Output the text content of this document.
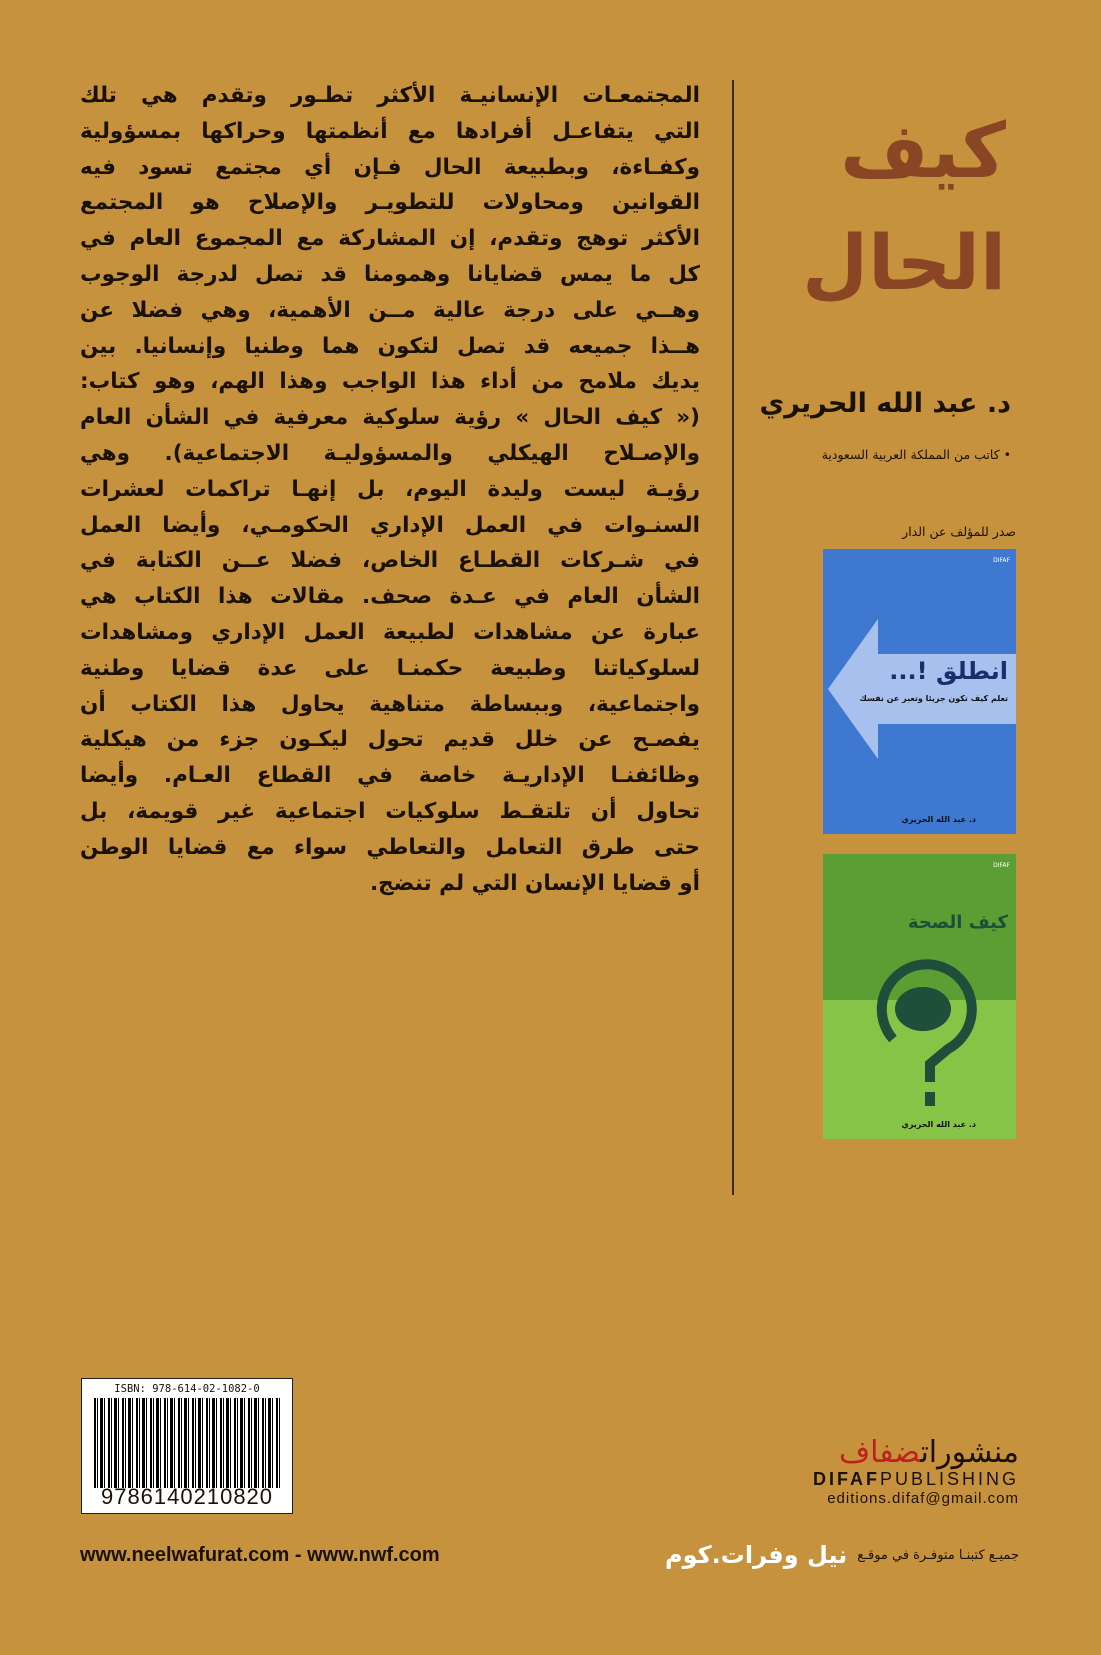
المجتمعـات الإنسانيـة الأكثر تطـور وتقدم هي تلك
التي يتفاعـل أفرادها مع أنظمتها وحراكها بمسؤولية
وكفـاءة، وبطبيعة الحال فـإن أي مجتمع تسود فيه
القوانين ومحاولات للتطويـر والإصلاح هو المجتمع
الأكثر توهج وتقدم، إن المشاركة مع المجموع العام في
كل ما يمس قضايانا وهمومنا قد تصل لدرجة الوجوب
وهــي على درجة عالية مــن الأهمية، وهي فضلا عن
هــذا جميعه قد تصل لتكون هما وطنيا وإنسانيا. بين
يديك ملامح من أداء هذا الواجب وهذا الهم، وهو كتاب:
(« كيف الحال » رؤية سلوكية معرفية في الشأن العام
والإصـلاح الهيكلي والمسؤوليـة الاجتماعية). وهي
رؤيـة ليست وليدة اليوم، بل إنهـا تراكمات لعشرات
السنـوات في العمل الإداري الحكومـي، وأيضا العمل
في شـركات القطـاع الخاص، فضلا عــن الكتابة في
الشأن العام في عـدة صحف. مقالات هذا الكتاب هي
عبارة عن مشاهدات لطبيعة العمل الإداري ومشاهدات
لسلوكياتنا وطبيعة حكمنـا على عدة قضايا وطنية
واجتماعية، وببساطة متناهية يحاول هذا الكتاب أن
يفصـح عن خلل قديم تحول ليكـون جزء من هيكلية
وظائفنـا الإداريـة خاصة في القطاع العـام. وأيضا
تحاول أن تلتقـط سلوكيات اجتماعية غير قويمة، بل
حتى طرق التعامل والتعاطي سواء مع قضايا الوطن
أو قضايا الإنسان التي لم تنضج.
كيف
الحال
د. عبد الله الحريري
• كاتب من المملكة العربية السعودية
صدر للمؤلف عن الدار
DIFAF
انطلق !...
تعلم كيف تكون جريئا وتعبر عن نفسك
د. عبد الله الحريري
DIFAF
كيف الصحة
د. عبد الله الحريري
ISBN: 978-614-02-1082-0
9786140210820
منشوراتضفاف
DIFAFPUBLISHING
editions.difaf@gmail.com
www.neelwafurat.com - www.nwf.com	جميـع كتبنـا متوفـرة في موقـع
نيل وفرات.كوم
